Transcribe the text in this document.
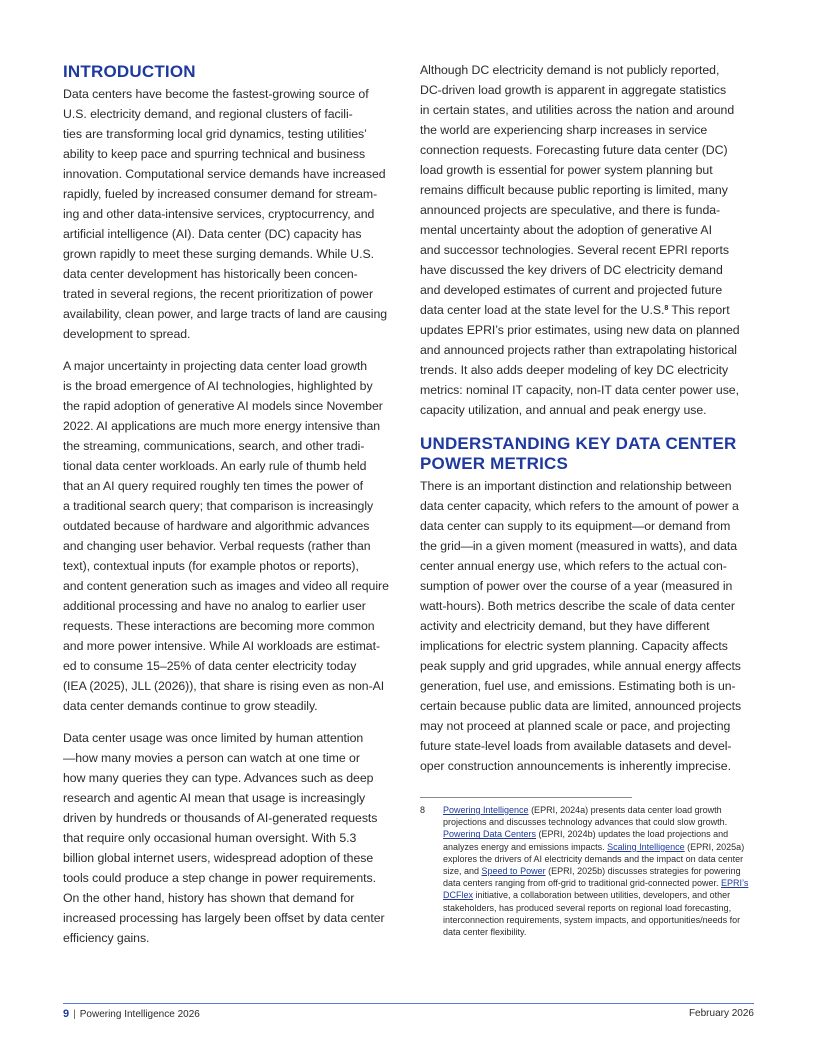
INTRODUCTION
Data centers have become the fastest-growing source of
U.S. electricity demand, and regional clusters of facili-
ties are transforming local grid dynamics, testing utilities’
ability to keep pace and spurring technical and business
innovation. Computational service demands have increased
rapidly, fueled by increased consumer demand for stream-
ing and other data-intensive services, cryptocurrency, and
artificial intelligence (AI). Data center (DC) capacity has
grown rapidly to meet these surging demands. While U.S.
data center development has historically been concen-
trated in several regions, the recent prioritization of power
availability, clean power, and large tracts of land are causing
development to spread.
A major uncertainty in projecting data center load growth
is the broad emergence of AI technologies, highlighted by
the rapid adoption of generative AI models since November
2022. AI applications are much more energy intensive than
the streaming, communications, search, and other tradi-
tional data center workloads. An early rule of thumb held
that an AI query required roughly ten times the power of
a traditional search query; that comparison is increasingly
outdated because of hardware and algorithmic advances
and changing user behavior. Verbal requests (rather than
text), contextual inputs (for example photos or reports),
and content generation such as images and video all require
additional processing and have no analog to earlier user
requests. These interactions are becoming more common
and more power intensive. While AI workloads are estimat-
ed to consume 15–25% of data center electricity today
(IEA (2025), JLL (2026)), that share is rising even as non-AI
data center demands continue to grow steadily.
Data center usage was once limited by human attention
—how many movies a person can watch at one time or
how many queries they can type. Advances such as deep
research and agentic AI mean that usage is increasingly
driven by hundreds or thousands of AI-generated requests
that require only occasional human oversight. With 5.3
billion global internet users, widespread adoption of these
tools could produce a step change in power requirements.
On the other hand, history has shown that demand for
increased processing has largely been offset by data center
efficiency gains.
Although DC electricity demand is not publicly reported,
DC-driven load growth is apparent in aggregate statistics
in certain states, and utilities across the nation and around
the world are experiencing sharp increases in service
connection requests. Forecasting future data center (DC)
load growth is essential for power system planning but
remains difficult because public reporting is limited, many
announced projects are speculative, and there is funda-
mental uncertainty about the adoption of generative AI
and successor technologies. Several recent EPRI reports
have discussed the key drivers of DC electricity demand
and developed estimates of current and projected future
data center load at the state level for the U.S.$^8$ This report
updates EPRI’s prior estimates, using new data on planned
and announced projects rather than extrapolating historical
trends. It also adds deeper modeling of key DC electricity
metrics: nominal IT capacity, non-IT data center power use,
capacity utilization, and annual and peak energy use.
UNDERSTANDING KEY DATA CENTER
POWER METRICS
There is an important distinction and relationship between
data center capacity, which refers to the amount of power a
data center can supply to its equipment—or demand from
the grid—in a given moment (measured in watts), and data
center annual energy use, which refers to the actual con-
sumption of power over the course of a year (measured in
watt-hours). Both metrics describe the scale of data center
activity and electricity demand, but they have different
implications for electric system planning. Capacity affects
peak supply and grid upgrades, while annual energy affects
generation, fuel use, and emissions. Estimating both is un-
certain because public data are limited, announced projects
may not proceed at planned scale or pace, and projecting
future state-level loads from available datasets and devel-
oper construction announcements is inherently imprecise.
8 Powering Intelligence (EPRI, 2024a) presents data center load growth projections and discusses technology advances that could slow growth. Powering Data Centers (EPRI, 2024b) updates the load projections and analyzes energy and emissions impacts. Scaling Intelligence (EPRI, 2025a) explores the drivers of AI electricity demands and the impact on data center size, and Speed to Power (EPRI, 2025b) discusses strategies for powering data centers ranging from off-grid to traditional grid-connected power. EPRI’s DCFlex initiative, a collaboration between utilities, developers, and other stakeholders, has produced several reports on regional load forecasting, interconnection requirements, system impacts, and opportunities/needs for data center flexibility.
9 | Powering Intelligence 2026	February 2026
